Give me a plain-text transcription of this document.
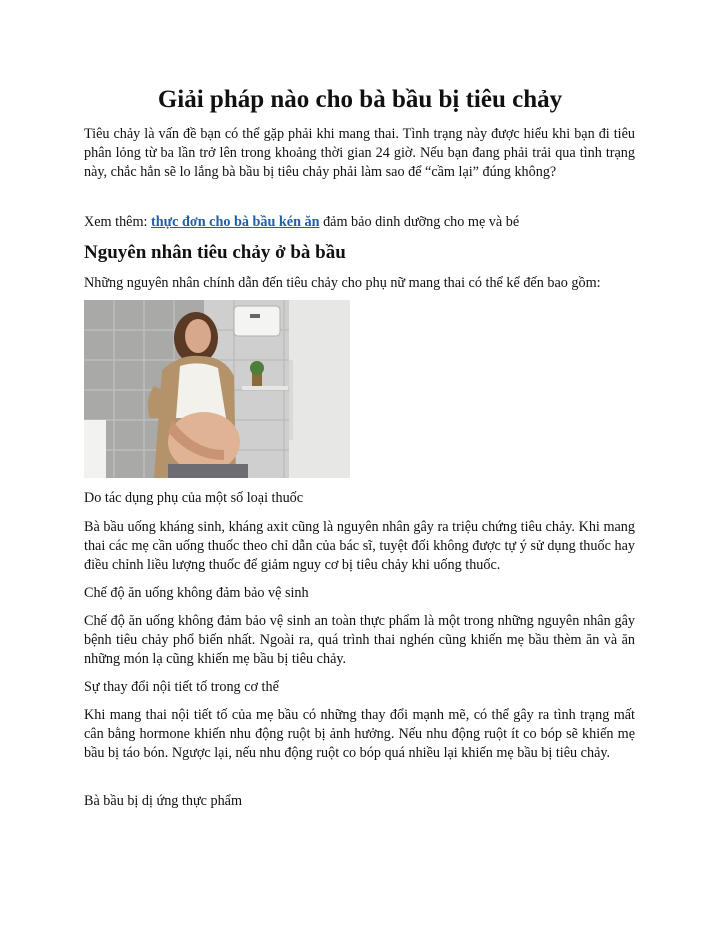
Giải pháp nào cho bà bầu bị tiêu chảy

Tiêu chảy là vấn đề bạn có thể gặp phải khi mang thai. Tình trạng này được hiểu khi bạn đi tiêu phân lỏng từ ba lần trở lên trong khoảng thời gian 24 giờ. Nếu bạn đang phải trải qua tình trạng này, chắc hẳn sẽ lo lắng bà bầu bị tiêu chảy phải làm sao để “cầm lại” đúng không?

Xem thêm: thực đơn cho bà bầu kén ăn đảm bảo dinh dưỡng cho mẹ và bé

Nguyên nhân tiêu chảy ở bà bầu

Những nguyên nhân chính dẫn đến tiêu chảy cho phụ nữ mang thai có thể kể đến bao gồm:

Do tác dụng phụ của một số loại thuốc

Bà bầu uống kháng sinh, kháng axit cũng là nguyên nhân gây ra triệu chứng tiêu chảy. Khi mang thai các mẹ cần uống thuốc theo chỉ dẫn của bác sĩ, tuyệt đối không được tự ý sử dụng thuốc hay điều chỉnh liều lượng thuốc để giảm nguy cơ bị tiêu chảy khi uống thuốc.

Chế độ ăn uống không đảm bảo vệ sinh

Chế độ ăn uống không đảm bảo vệ sinh an toàn thực phẩm là một trong những nguyên nhân gây bệnh tiêu chảy phổ biến nhất. Ngoài ra, quá trình thai nghén cũng khiến mẹ bầu thèm ăn và ăn những món lạ cũng khiến mẹ bầu bị tiêu chảy.

Sự thay đổi nội tiết tố trong cơ thể

Khi mang thai nội tiết tố của mẹ bầu có những thay đổi mạnh mẽ, có thể gây ra tình trạng mất cân bằng hormone khiến nhu động ruột bị ảnh hưởng. Nếu nhu động ruột ít co bóp sẽ khiến mẹ bầu bị táo bón. Ngược lại, nếu nhu động ruột co bóp quá nhiều lại khiến mẹ bầu bị tiêu chảy.

Bà bầu bị dị ứng thực phẩm
